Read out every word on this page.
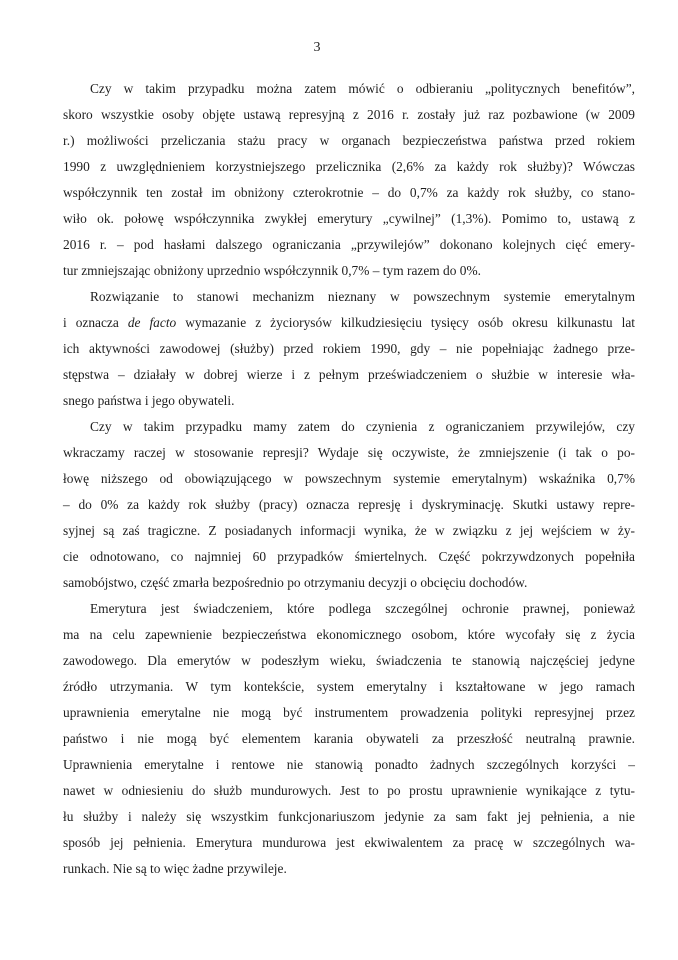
3
Czy w takim przypadku można zatem mówić o odbieraniu „politycznych benefitów”,
skoro wszystkie osoby objęte ustawą represyjną z 2016 r. zostały już raz pozbawione (w 2009
r.) możliwości przeliczania stażu pracy w organach bezpieczeństwa państwa przed rokiem
1990 z uwzględnieniem korzystniejszego przelicznika (2,6% za każdy rok służby)? Wówczas
współczynnik ten został im obniżony czterokrotnie – do 0,7% za każdy rok służby, co stano-
wiło ok. połowę współczynnika zwykłej emerytury „cywilnej” (1,3%). Pomimo to, ustawą z
2016 r. – pod hasłami dalszego ograniczania „przywilejów” dokonano kolejnych cięć emery-
tur zmniejszając obniżony uprzednio współczynnik 0,7% – tym razem do 0%.
Rozwiązanie to stanowi mechanizm nieznany w powszechnym systemie emerytalnym
i oznacza de facto wymazanie z życiorysów kilkudziesięciu tysięcy osób okresu kilkunastu lat
ich aktywności zawodowej (służby) przed rokiem 1990, gdy – nie popełniając żadnego prze-
stępstwa – działały w dobrej wierze i z pełnym przeświadczeniem o służbie w interesie wła-
snego państwa i jego obywateli.
Czy w takim przypadku mamy zatem do czynienia z ograniczaniem przywilejów, czy
wkraczamy raczej w stosowanie represji? Wydaje się oczywiste, że zmniejszenie (i tak o po-
łowę niższego od obowiązującego w powszechnym systemie emerytalnym) wskaźnika 0,7%
– do 0% za każdy rok służby (pracy) oznacza represję i dyskryminację. Skutki ustawy repre-
syjnej są zaś tragiczne. Z posiadanych informacji wynika, że w związku z jej wejściem w ży-
cie odnotowano, co najmniej 60 przypadków śmiertelnych. Część pokrzywdzonych popełniła
samobójstwo, część zmarła bezpośrednio po otrzymaniu decyzji o obcięciu dochodów.
Emerytura jest świadczeniem, które podlega szczególnej ochronie prawnej, ponieważ
ma na celu zapewnienie bezpieczeństwa ekonomicznego osobom, które wycofały się z życia
zawodowego. Dla emerytów w podeszłym wieku, świadczenia te stanowią najczęściej jedyne
źródło utrzymania. W tym kontekście, system emerytalny i kształtowane w jego ramach
uprawnienia emerytalne nie mogą być instrumentem prowadzenia polityki represyjnej przez
państwo i nie mogą być elementem karania obywateli za przeszłość neutralną prawnie.
Uprawnienia emerytalne i rentowe nie stanowią ponadto żadnych szczególnych korzyści –
nawet w odniesieniu do służb mundurowych. Jest to po prostu uprawnienie wynikające z tytu-
łu służby i należy się wszystkim funkcjonariuszom jedynie za sam fakt jej pełnienia, a nie
sposób jej pełnienia. Emerytura mundurowa jest ekwiwalentem za pracę w szczególnych wa-
runkach. Nie są to więc żadne przywileje.
